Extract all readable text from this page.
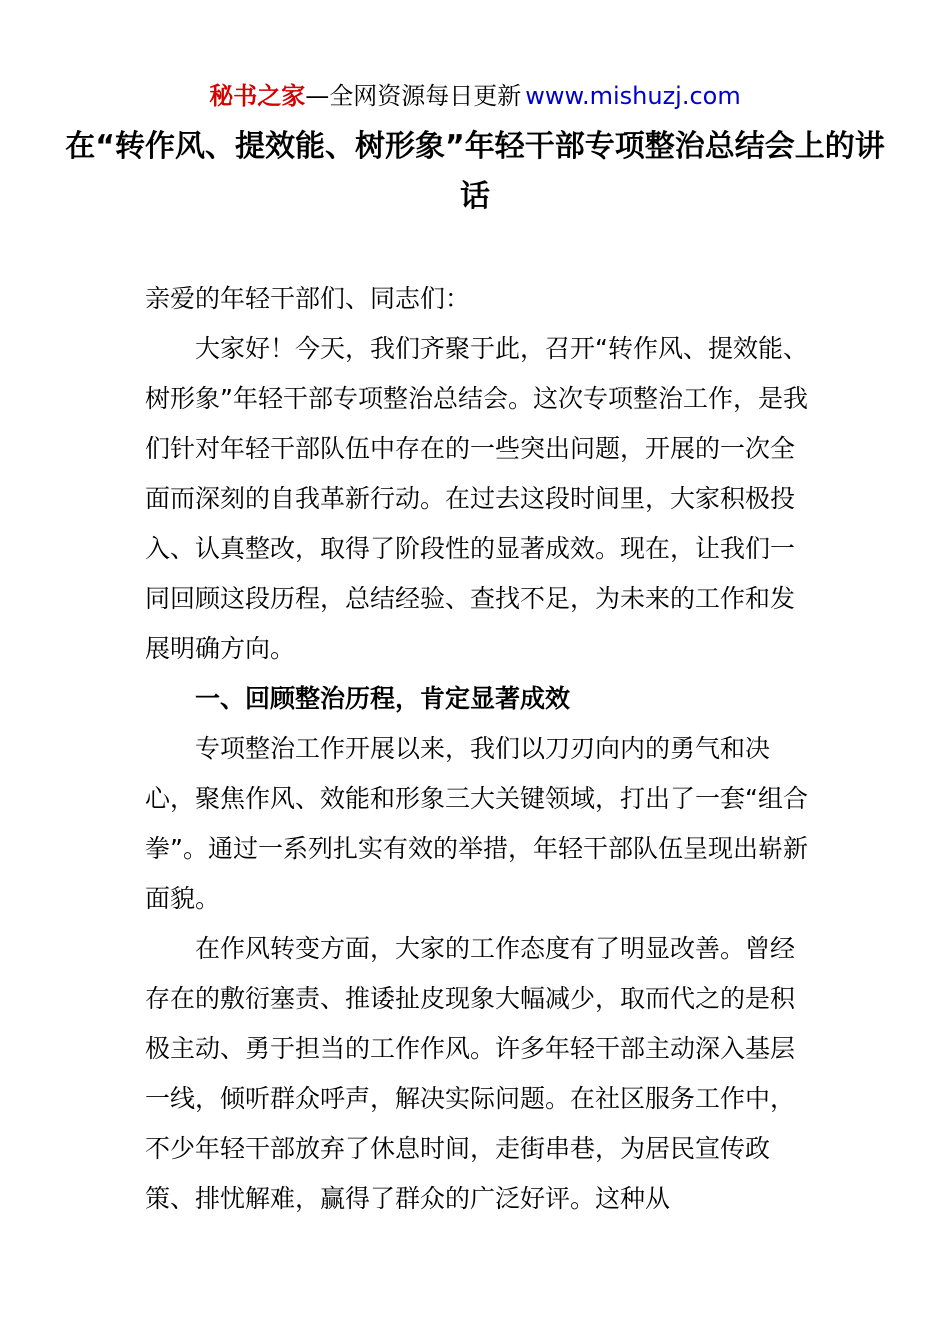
秘书之家—全网资源每日更新 www.mishuzj.com
在“转作风、提效能、树形象”年轻干部专项整治总结会上的讲话

亲爱的年轻干部们、同志们：

大家好！今天，我们齐聚于此，召开“转作风、提效能、树形象”年轻干部专项整治总结会。这次专项整治工作，是我们针对年轻干部队伍中存在的一些突出问题，开展的一次全面而深刻的自我革新行动。在过去这段时间里，大家积极投入、认真整改，取得了阶段性的显著成效。现在，让我们一同回顾这段历程，总结经验、查找不足，为未来的工作和发展明确方向。

一、回顾整治历程，肯定显著成效

专项整治工作开展以来，我们以刀刃向内的勇气和决心，聚焦作风、效能和形象三大关键领域，打出了一套“组合拳”。通过一系列扎实有效的举措，年轻干部队伍呈现出崭新面貌。

在作风转变方面，大家的工作态度有了明显改善。曾经存在的敷衍塞责、推诿扯皮现象大幅减少，取而代之的是积极主动、勇于担当的工作作风。许多年轻干部主动深入基层一线，倾听群众呼声，解决实际问题。在社区服务工作中，不少年轻干部放弃了休息时间，走街串巷，为居民宣传政策、排忧解难，赢得了群众的广泛好评。这种从
